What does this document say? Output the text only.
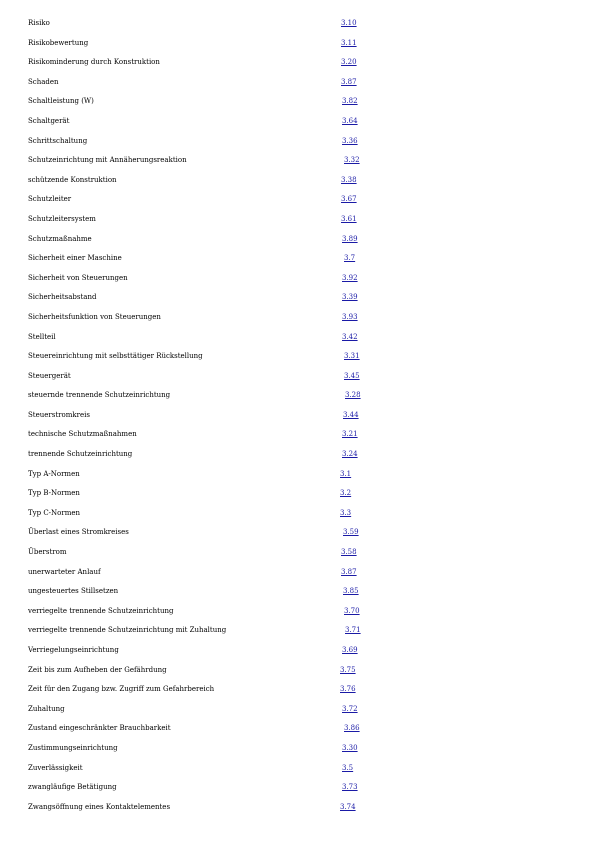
Risiko	3.10
Risikobewertung	3.11
Risikominderung durch Konstruktion	3.20
Schaden	3.87
Schaltleistung (W)	3.82
Schaltgerät	3.64
Schrittschaltung	3.36
Schutzeinrichtung mit Annäherungsreaktion	3.32
schützende Konstruktion	3.38
Schutzleiter	3.67
Schutzleitersystem	3.61
Schutzmaßnahme	3.89
Sicherheit einer Maschine	3.7
Sicherheit von Steuerungen	3.92
Sicherheitsabstand	3.39
Sicherheitsfunktion von Steuerungen	3.93
Stellteil	3.42
Steuereinrichtung mit selbsttätiger Rückstellung	3.31
Steuergerät	3.45
steuernde trennende Schutzeinrichtung	3.28
Steuerstromkreis	3.44
technische Schutzmaßnahmen	3.21
trennende Schutzeinrichtung	3.24
Typ A-Normen	3.1
Typ B-Normen	3.2
Typ C-Normen	3.3
Überlast eines Stromkreises	3.59
Überstrom	3.58
unerwarteter Anlauf	3.87
ungesteuertes Stillsetzen	3.85
verriegelte trennende Schutzeinrichtung	3.70
verriegelte trennende Schutzeinrichtung mit Zuhaltung	3.71
Verriegelungseinrichtung	3.69
Zeit bis zum Aufheben der Gefährdung	3.75
Zeit für den Zugang bzw. Zugriff zum Gefahrbereich	3.76
Zuhaltung	3.72
Zustand eingeschränkter Brauchbarkeit	3.86
Zustimmungseinrichtung	3.30
Zuverlässigkeit	3.5
zwangläufige Betätigung	3.73
Zwangsöffnung eines Kontaktelementes	3.74
